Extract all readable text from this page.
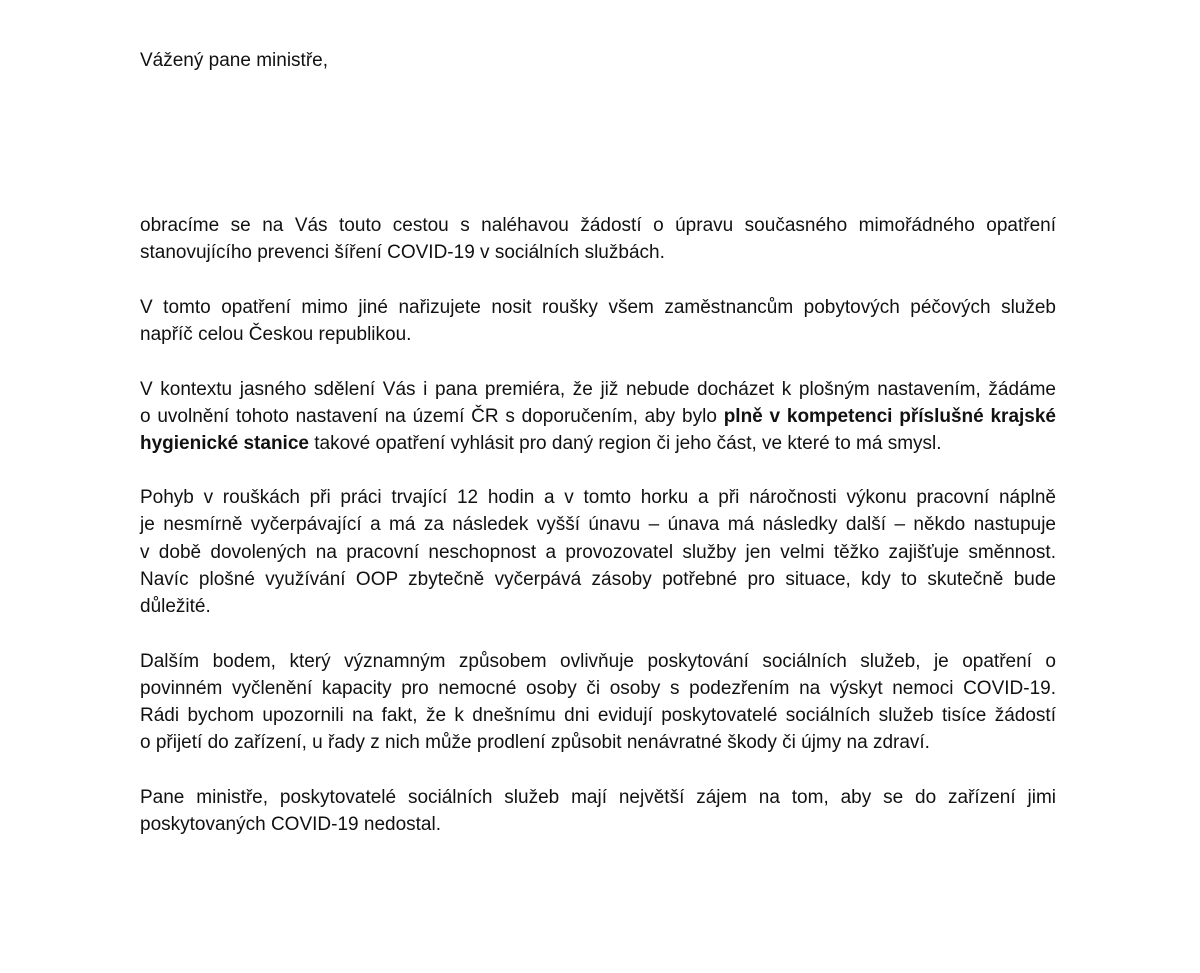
Vážený pane ministře,
obracíme se na Vás touto cestou s naléhavou žádostí o úpravu současného mimořádného opatření
stanovujícího prevenci šíření COVID-19 v sociálních službách.
V tomto opatření mimo jiné nařizujete nosit roušky všem zaměstnancům pobytových péčových služeb
napříč celou Českou republikou.
V kontextu jasného sdělení Vás i pana premiéra, že již nebude docházet k plošným nastavením, žádáme
o uvolnění tohoto nastavení na území ČR s doporučením, aby bylo plně v kompetenci příslušné krajské
hygienické stanice takové opatření vyhlásit pro daný region či jeho část, ve které to má smysl.
Pohyb v rouškách při práci trvající 12 hodin a v tomto horku a při náročnosti výkonu pracovní náplně
je nesmírně vyčerpávající a má za následek vyšší únavu – únava má následky další – někdo nastupuje
v době dovolených na pracovní neschopnost a provozovatel služby jen velmi těžko zajišťuje směnnost.
Navíc plošné využívání OOP zbytečně vyčerpává zásoby potřebné pro situace, kdy to skutečně bude
důležité.
Dalším bodem, který významným způsobem ovlivňuje poskytování sociálních služeb, je opatření o
povinném vyčlenění kapacity pro nemocné osoby či osoby s podezřením na výskyt nemoci COVID-19.
Rádi bychom upozornili na fakt, že k dnešnímu dni evidují poskytovatelé sociálních služeb tisíce žádostí
o přijetí do zařízení, u řady z nich může prodlení způsobit nenávratné škody či újmy na zdraví.
Pane ministře, poskytovatelé sociálních služeb mají největší zájem na tom, aby se do zařízení jimi
poskytovaných COVID-19 nedostal.
